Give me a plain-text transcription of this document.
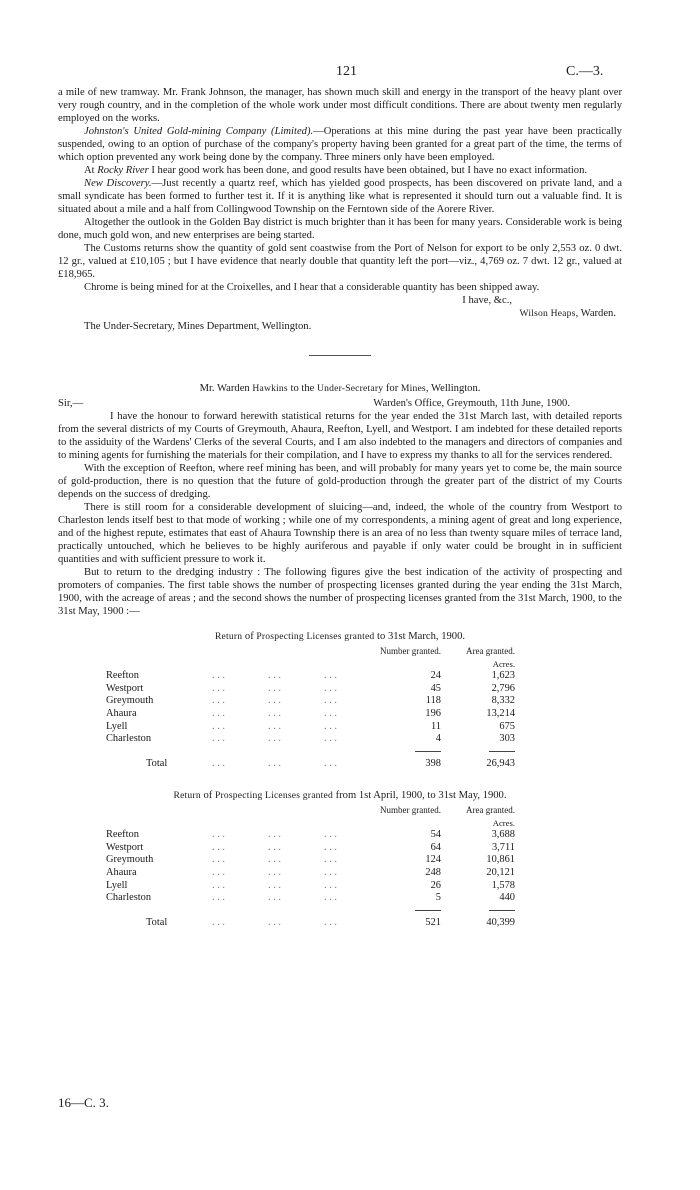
121	C.—3.

a mile of new tramway. Mr. Frank Johnson, the manager, has shown much skill and energy in the transport of the heavy plant over very rough country, and in the completion of the whole work under most difficult conditions. There are about twenty men regularly employed on the works.

Johnston's United Gold-mining Company (Limited).—Operations at this mine during the past year have been practically suspended, owing to an option of purchase of the company's property having been granted for a great part of the time, the terms of which option prevented any work being done by the company. Three miners only have been employed.

At Rocky River I hear good work has been done, and good results have been obtained, but I have no exact information.

New Discovery.—Just recently a quartz reef, which has yielded good prospects, has been discovered on private land, and a small syndicate has been formed to further test it. If it is anything like what is represented it should turn out a valuable find. It is situated about a mile and a half from Collingwood Township on the Ferntown side of the Aorere River.

Altogether the outlook in the Golden Bay district is much brighter than it has been for many years. Considerable work is being done, much gold won, and new enterprises are being started.

The Customs returns show the quantity of gold sent coastwise from the Port of Nelson for export to be only 2,553 oz. 0 dwt. 12 gr., valued at £10,105 ; but I have evidence that nearly double that quantity left the port—viz., 4,769 oz. 7 dwt. 12 gr., valued at £18,965.

Chrome is being mined for at the Croixelles, and I hear that a considerable quantity has been shipped away.

I have, &c.,

Wilson Heaps, Warden.

The Under-Secretary, Mines Department, Wellington.

Mr. Warden Hawkins to the Under-Secretary for Mines, Wellington.

Sir,—	Warden's Office, Greymouth, 11th June, 1900.

I have the honour to forward herewith statistical returns for the year ended the 31st March last, with detailed reports from the several districts of my Courts of Greymouth, Ahaura, Reefton, Lyell, and Westport. I am indebted for these detailed reports to the assiduity of the Wardens' Clerks of the several Courts, and I am also indebted to the managers and directors of companies and to mining agents for furnishing the materials for their compilation, and I have to express my thanks to all for the services rendered.

With the exception of Reefton, where reef mining has been, and will probably for many years yet to come be, the main source of gold-production, there is no question that the future of gold-production through the greater part of the district of my Courts depends on the success of dredging.

There is still room for a considerable development of sluicing—and, indeed, the whole of the country from Westport to Charleston lends itself best to that mode of working ; while one of my correspondents, a mining agent of great and long experience, and of the highest repute, estimates that east of Ahaura Township there is an area of no less than twenty square miles of terrace land, practically untouched, which he believes to be highly auriferous and payable if only water could be brought in in sufficient quantities and with sufficient pressure to work it.

But to return to the dredging industry : The following figures give the best indication of the activity of prospecting and promoters of companies. The first table shows the number of prospecting licenses granted during the year ending the 31st March, 1900, with the acreage of areas ; and the second shows the number of prospecting licenses granted from the 31st March, 1900, to the 31st May, 1900 :—

Return of Prospecting Licenses granted to 31st March, 1900.

				Number granted.	Area granted.
					Acres.
Reefton	. . .	. . .	. . .	24	1,623
Westport	. . .	. . .	. . .	45	2,796
Greymouth	. . .	. . .	. . .	118	8,332
Ahaura	. . .	. . .	. . .	196	13,214
Lyell	. . .	. . .	. . .	11	675
Charleston	. . .	. . .	. . .	4	303

Total	. . .	. . .	. . .	398	26,943

Return of Prospecting Licenses granted from 1st April, 1900, to 31st May, 1900.

				Number granted.	Area granted.
					Acres.
Reefton	. . .	. . .	. . .	54	3,688
Westport	. . .	. . .	. . .	64	3,711
Greymouth	. . .	. . .	. . .	124	10,861
Ahaura	. . .	. . .	. . .	248	20,121
Lyell	. . .	. . .	. . .	26	1,578
Charleston	. . .	. . .	. . .	5	440

Total	. . .	. . .	. . .	521	40,399
16—C. 3.
